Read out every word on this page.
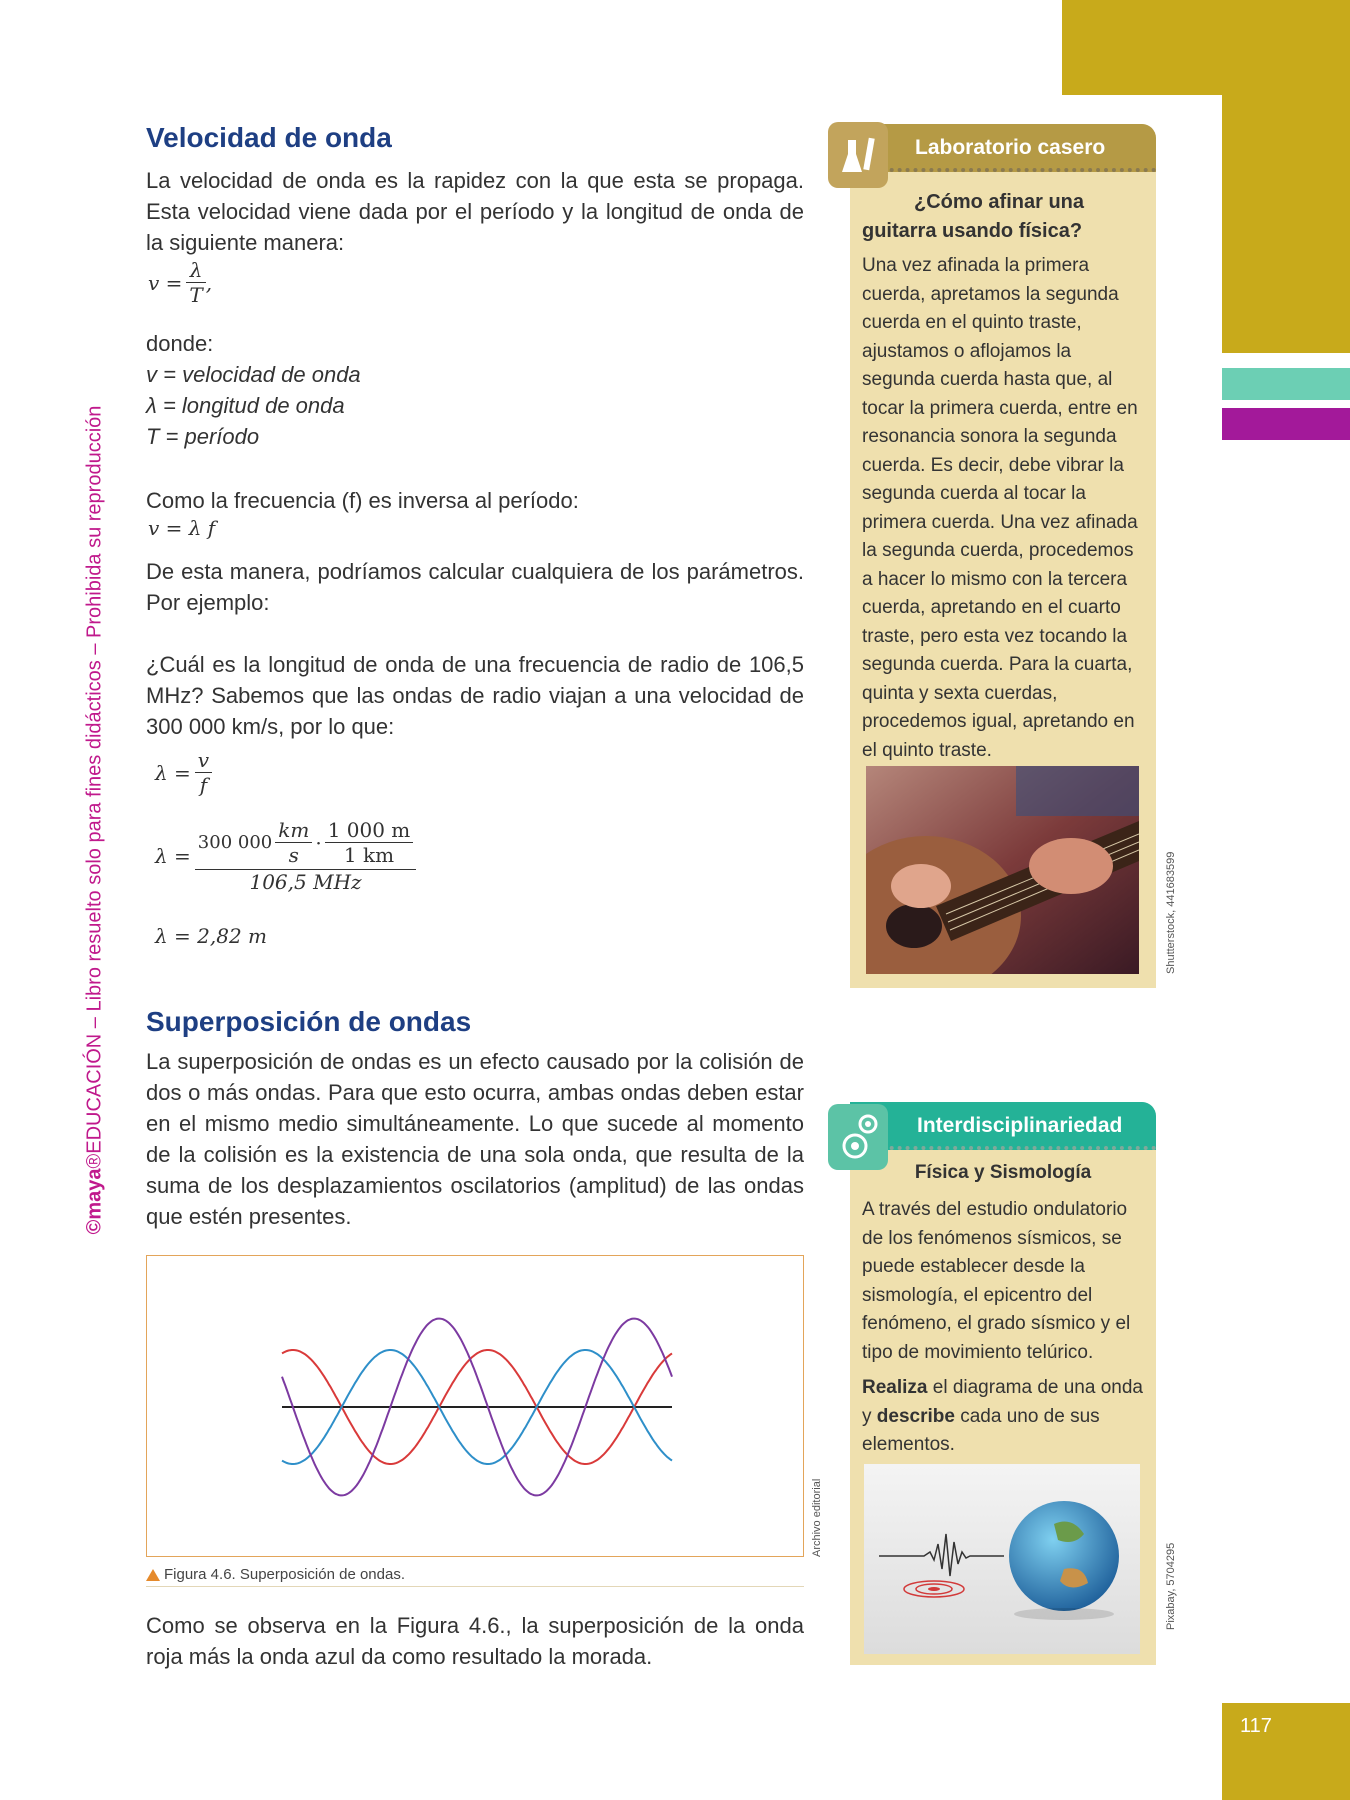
117
©maya®EDUCACIÓN – Libro resuelto solo para fines didácticos – Prohibida su reproducción
Velocidad de onda

La velocidad de onda es la rapidez con la que esta se propaga. Esta velocidad viene dada por el período y la longitud de onda de la siguiente manera:

$v = \frac{\lambda}{T}$ ,

donde:

v = velocidad de onda
λ = longitud de onda
T = período

Como la frecuencia (f) es inversa al período:

v = λ f

De esta manera, podríamos calcular cualquiera de los parámetros. Por ejemplo:

¿Cuál es la longitud de onda de una frecuencia de radio de 106,5 MHz? Sabemos que las ondas de radio viajan a una velocidad de 300 000 km/s, por lo que:

$\lambda = \frac{v}{f}$
$\lambda = \frac{300 000 \frac{km}{s} \cdot \frac{1 000 m}{1 km}}{\text{106,5 MHz}}$

λ = 2,82 m

Superposición de ondas

La superposición de ondas es un efecto causado por la colisión de dos o más ondas. Para que esto ocurra, ambas ondas deben estar en el mismo medio simultáneamente. Lo que sucede al momento de la colisión es la existencia de una sola onda, que resulta de la suma de los desplazamientos oscilatorios (amplitud) de las ondas que estén presentes.

Archivo editorial
Figura 4.6. Superposición de ondas.

Como se observa en la Figura 4.6., la superposición de la onda roja más la onda azul da como resultado la morada.

Laboratorio casero

¿Cómo afinar una guitarra usando física?

Una vez afinada la primera cuerda, apretamos la segunda cuerda en el quinto traste, ajustamos o aflojamos la segunda cuerda hasta que, al tocar la primera cuerda, entre en resonancia sonora la segunda cuerda. Es decir, debe vibrar la segunda cuerda al tocar la primera cuerda. Una vez afinada la segunda cuerda, procedemos a hacer lo mismo con la tercera cuerda, apretando en el cuarto traste, pero esta vez tocando la segunda cuerda. Para la cuarta, quinta y sexta cuerdas, procedemos igual, apretando en el quinto traste.

Shutterstock, 441683599
Interdisciplinariedad

Física y Sismología

A través del estudio ondulatorio de los fenómenos sísmicos, se puede establecer desde la sismología, el epicentro del fenómeno, el grado sísmico y el tipo de movimiento telúrico.

Realiza el diagrama de una onda y describe cada uno de sus elementos.

Pixabay, 5704295
